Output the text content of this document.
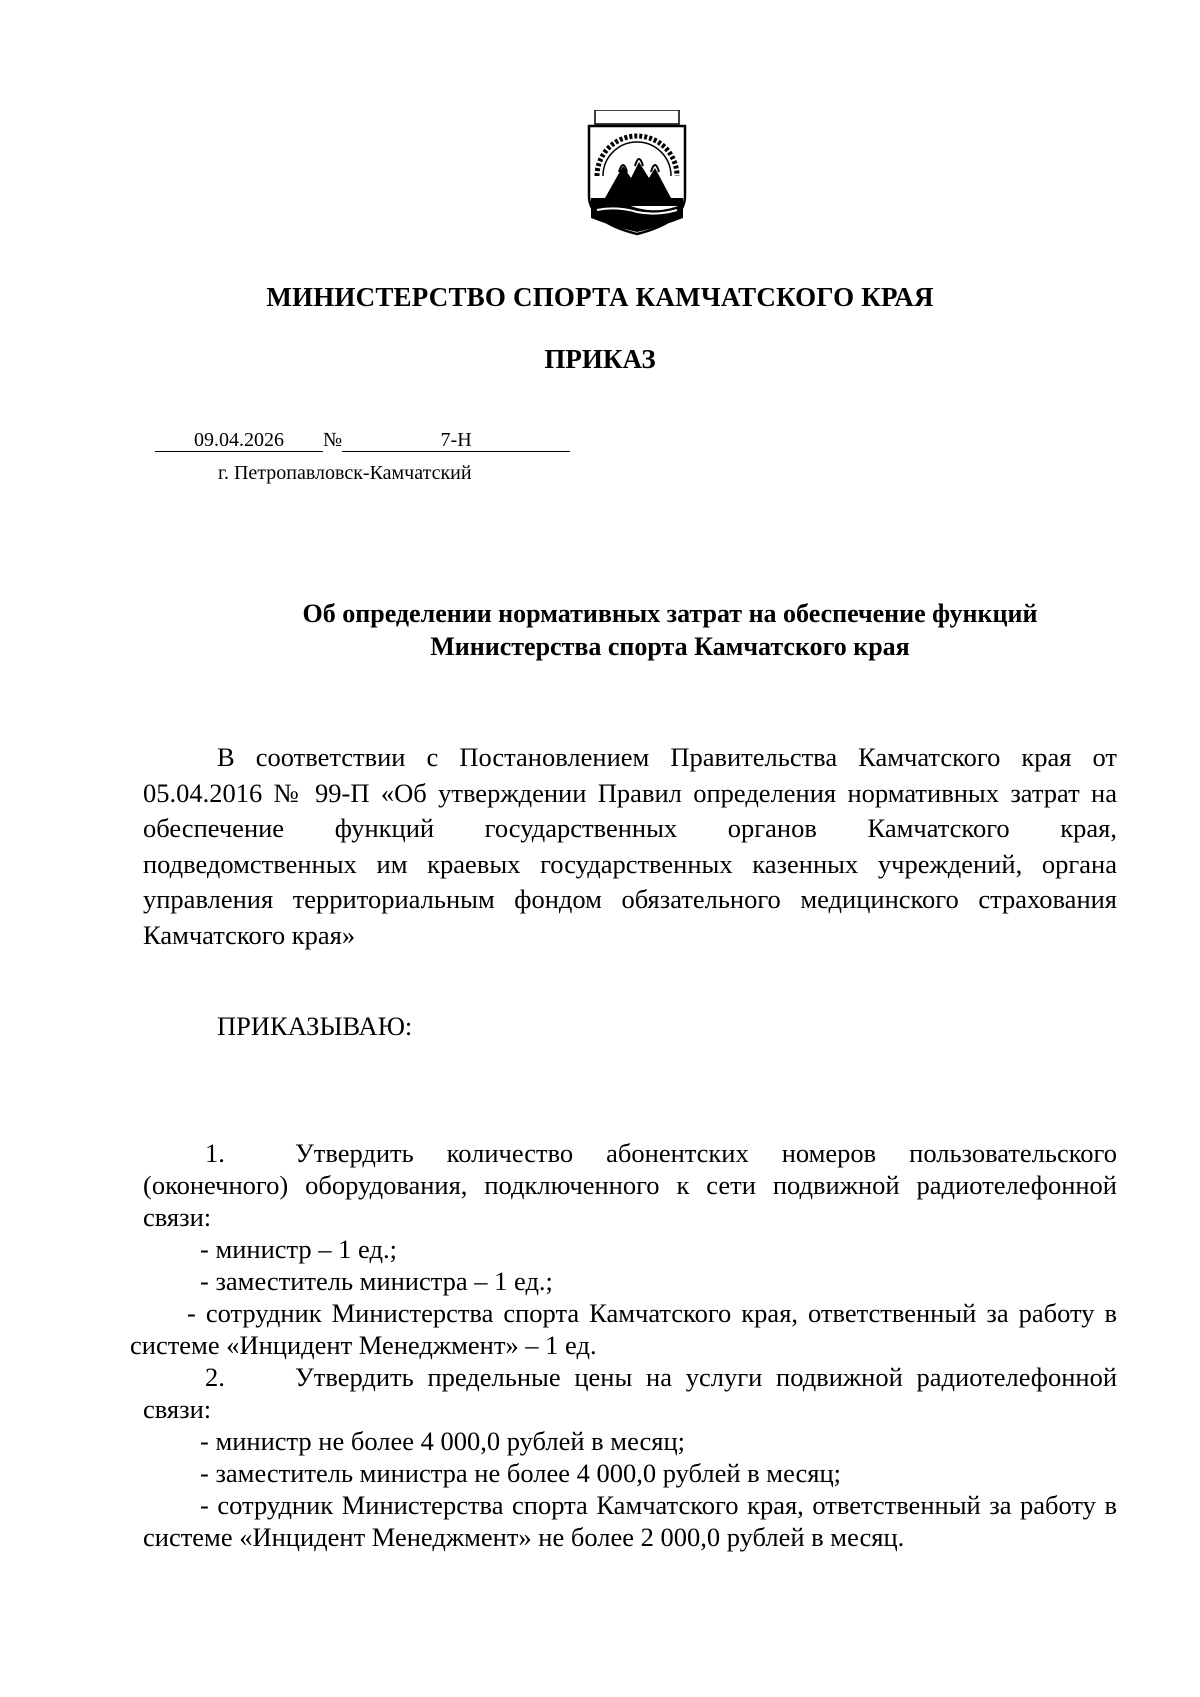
МИНИСТЕРСТВО СПОРТА КАМЧАТСКОГО КРАЯ
ПРИКАЗ
09.04.2026 №	7-Н
г. Петропавловск-Камчатский
Об определении нормативных затрат на обеспечение функций
Министерства спорта Камчатского края
В соответствии с Постановлением Правительства Камчатского края от 05.04.2016 № 99-П «Об утверждении Правил определения нормативных затрат на обеспечение функций государственных органов Камчатского края, подведомственных им краевых государственных казенных учреждений, органа управления территориальным фондом обязательного медицинского страхования Камчатского края»
ПРИКАЗЫВАЮ:
1.	Утвердить количество абонентских номеров пользовательского (оконечного) оборудования, подключенного к сети подвижной радиотелефонной связи:
- министр – 1 ед.;
- заместитель министра – 1 ед.;
- сотрудник Министерства спорта Камчатского края, ответственный за работу в системе «Инцидент Менеджмент» – 1 ед.
2.	Утвердить предельные цены на услуги подвижной радиотелефонной связи:
- министр не более 4 000,0 рублей в месяц;
- заместитель министра не более 4 000,0 рублей в месяц;
- сотрудник Министерства спорта Камчатского края, ответственный за работу в системе «Инцидент Менеджмент» не более 2 000,0 рублей в месяц.
